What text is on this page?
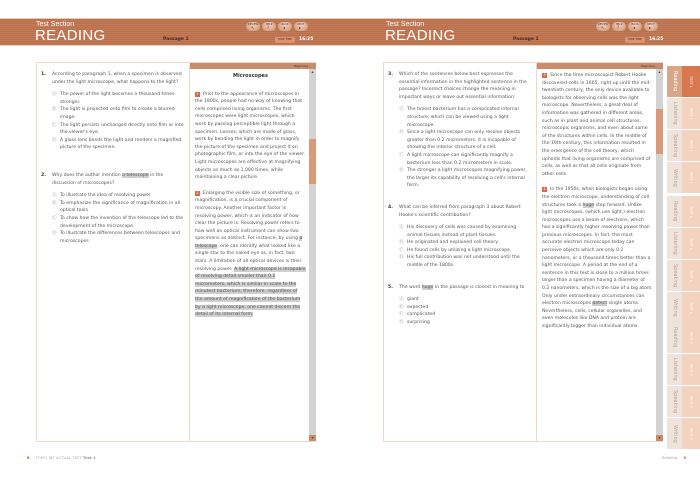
Test Section
READING	Passage 1
REVIEW
↖
HELP
?
BACK
◂
NEXT
▸
HIDE TIME	16:25
1.	According to paragraph 1, when a specimen is observed under the light microscope, what happens to the light?
Ⓐ The power of the light becomes a thousand times stronger.
Ⓑ The light is projected onto film to create a blurred image.
Ⓒ The light persists unchanged directly onto film or into the viewer's eye.
Ⓓ A glass lens bends the light and renders a magnified picture of the specimen.
2.	Why does the author mention a telescope in the discussion of microscopes?
Ⓐ To illustrate the idea of resolving power
Ⓑ To emphasize the significance of magnification in all optical tools
Ⓒ To show how the invention of the telescope led to the development of the microscope
Ⓓ To illustrate the differences between telescopes and microscopes
Beginning
Microscopes
1 Prior to the appearance of microscopes in the 1800s, people had no way of knowing that cells comprised living organisms. The first microscopes were light microscopes, which work by passing perceptible light through a specimen. Lenses, which are made of glass, work by bending the light in order to magnify the picture of the specimen and project it on photographic film, or into the eye of the viewer. Light microscopes are effective at magnifying objects as much as 1,000 times, while maintaining a clear picture.
2 Enlarging the visible size of something, or magnification, is a crucial component of microscopy. Another important factor is resolving power, which is an indicator of how clear the picture is. Resolving power refers to how well an optical instrument can show two specimens as distinct. For instance, by using a telescope, one can identify what looked like a single star to the naked eye as, in fact, two stars. A limitation of all optical devices is their resolving power. A light microscope is incapable of resolving detail smaller than 0.2 micrometers, which is similar in scale to the minutest bacterium; therefore, regardless of the amount of magnification of the bacterium by a light microscope, one cannot discern the detail of its internal form.
▴
▾
8 TOEFL iBT ACTUAL TEST Test 1
Test Section
READING	Passage 1
REVIEW
↖
HELP
?
BACK
◂
NEXT
▸
HIDE TIME	16:25
3.	Which of the sentences below best expresses the essential information in the highlighted sentence in the passage? Incorrect choices change the meaning in important ways or leave out essential information.
Ⓐ The tiniest bacterium has a complicated internal structure, which can be viewed using a light microscope.
Ⓑ Since a light microscope can only resolve objects greater than 0.2 micrometers, it is incapable of showing the interior structure of a cell.
Ⓒ A light microscope can significantly magnify a bacterium less than 0.2 micrometers in scale.
Ⓓ The stronger a light microscopes magnifying power, the larger its capability of resolving a cell's internal form.
4.	What can be inferred from paragraph 3 about Robert Hooke's scientific contribution?
Ⓐ His discovery of cells was caused by examining animal tissues instead of plant tissues.
Ⓑ He originated and explained cell theory.
Ⓒ He found cells by utilizing a light microscope.
Ⓓ His full contribution was not understood until the middle of the 1800s.
5.	The word huge in the passage is closest in meaning to
Ⓐ giant
Ⓑ expected
Ⓒ complicated
Ⓓ surprising
Beginning
3 Since the time microscopist Robert Hooke discovered cells in 1665, right up until the mid-twentieth century, the only device available to biologists for observing cells was the light microscope. Nevertheless, a great deal of information was gathered in different areas, such as in plant and animal cell structures, microscopic organisms, and even about some of the structures within cells. In the middle of the 19th century, this information resulted in the emergence of the cell theory, which upholds that living organisms are comprised of cells, as well as that all cells originate from other cells.
4 In the 1950s, when biologists began using the electron microscope, understanding of cell structures took a huge step forward. Unlike light microscopes, (which use light,) electron microscopes use a beam of electrons, which has a significantly higher resolving power than previous microscopes. In fact, the most accurate electron microscope today can perceive objects which are only 0.2 nanometers, or a thousand times better than a light microscope. A period at the end of a sentence in this text is close to a million times larger than a specimen having a diameter of 0.2 nanometers, which is the size of a big atom. Only under extraordinary circumstances can electron microscopes detect single atoms. Nevertheless, cells, cellular organelles, and even molecules like DNA and protein are significantly bigger than individual atoms.
▴
▾
Reading 9
Reading
Listening
Speaking
Writing
TEST 1
TEST 1
TEST 1
TEST 1
Reading
Listening
Speaking
Writing
TEST 2
TEST 2
TEST 2
TEST 2
Reading
Listening
Speaking
Writing
TEST 3
TEST 3
TEST 3
TEST 3
